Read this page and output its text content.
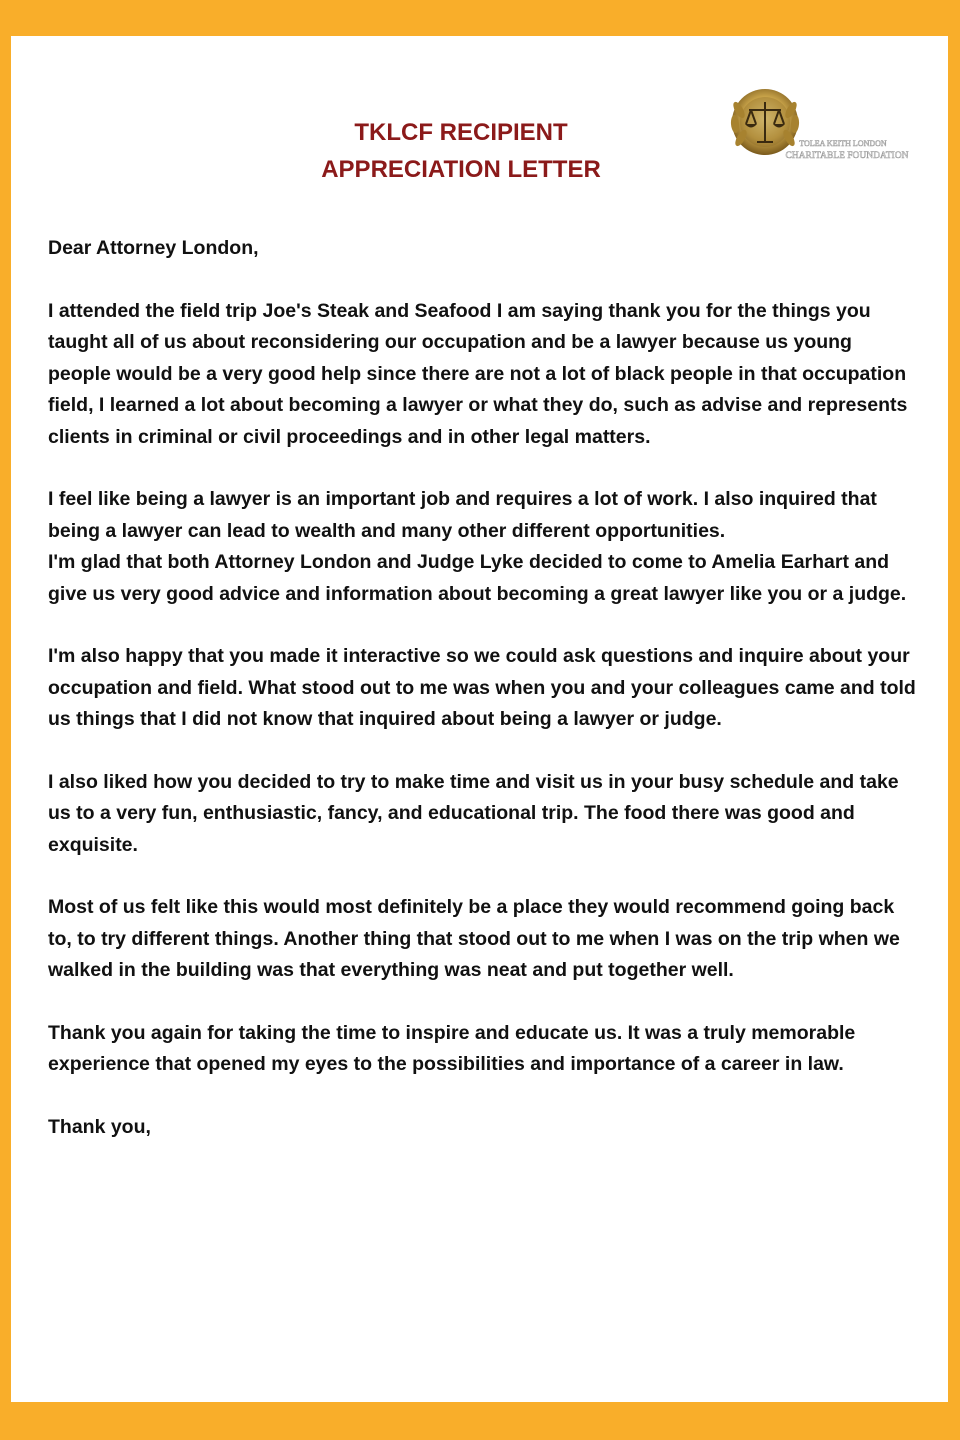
TKLCF RECIPIENT
APPRECIATION LETTER
TOLEA KEITH LONDON
CHARITABLE FOUNDATION

Dear Attorney London,

I attended the field trip Joe's Steak and Seafood I am saying thank you for the things you taught all of us about reconsidering our occupation and be a lawyer because us young people would be a very good help since there are not a lot of black people in that occupation field, I learned a lot about becoming a lawyer or what they do, such as advise and represents clients in criminal or civil proceedings and in other legal matters.

I feel like being a lawyer is an important job and requires a lot of work. I also inquired that being a lawyer can lead to wealth and many other different opportunities.

I'm glad that both Attorney London and Judge Lyke decided to come to Amelia Earhart and give us very good advice and information about becoming a great lawyer like you or a judge.

I'm also happy that you made it interactive so we could ask questions and inquire about your occupation and field. What stood out to me was when you and your colleagues came and told us things that I did not know that inquired about being a lawyer or judge.

I also liked how you decided to try to make time and visit us in your busy schedule and take us to a very fun, enthusiastic, fancy, and educational trip. The food there was good and exquisite.

Most of us felt like this would most definitely be a place they would recommend going back to, to try different things. Another thing that stood out to me when I was on the trip when we walked in the building was that everything was neat and put together well.

Thank you again for taking the time to inspire and educate us. It was a truly memorable experience that opened my eyes to the possibilities and importance of a career in law.

Thank you,
